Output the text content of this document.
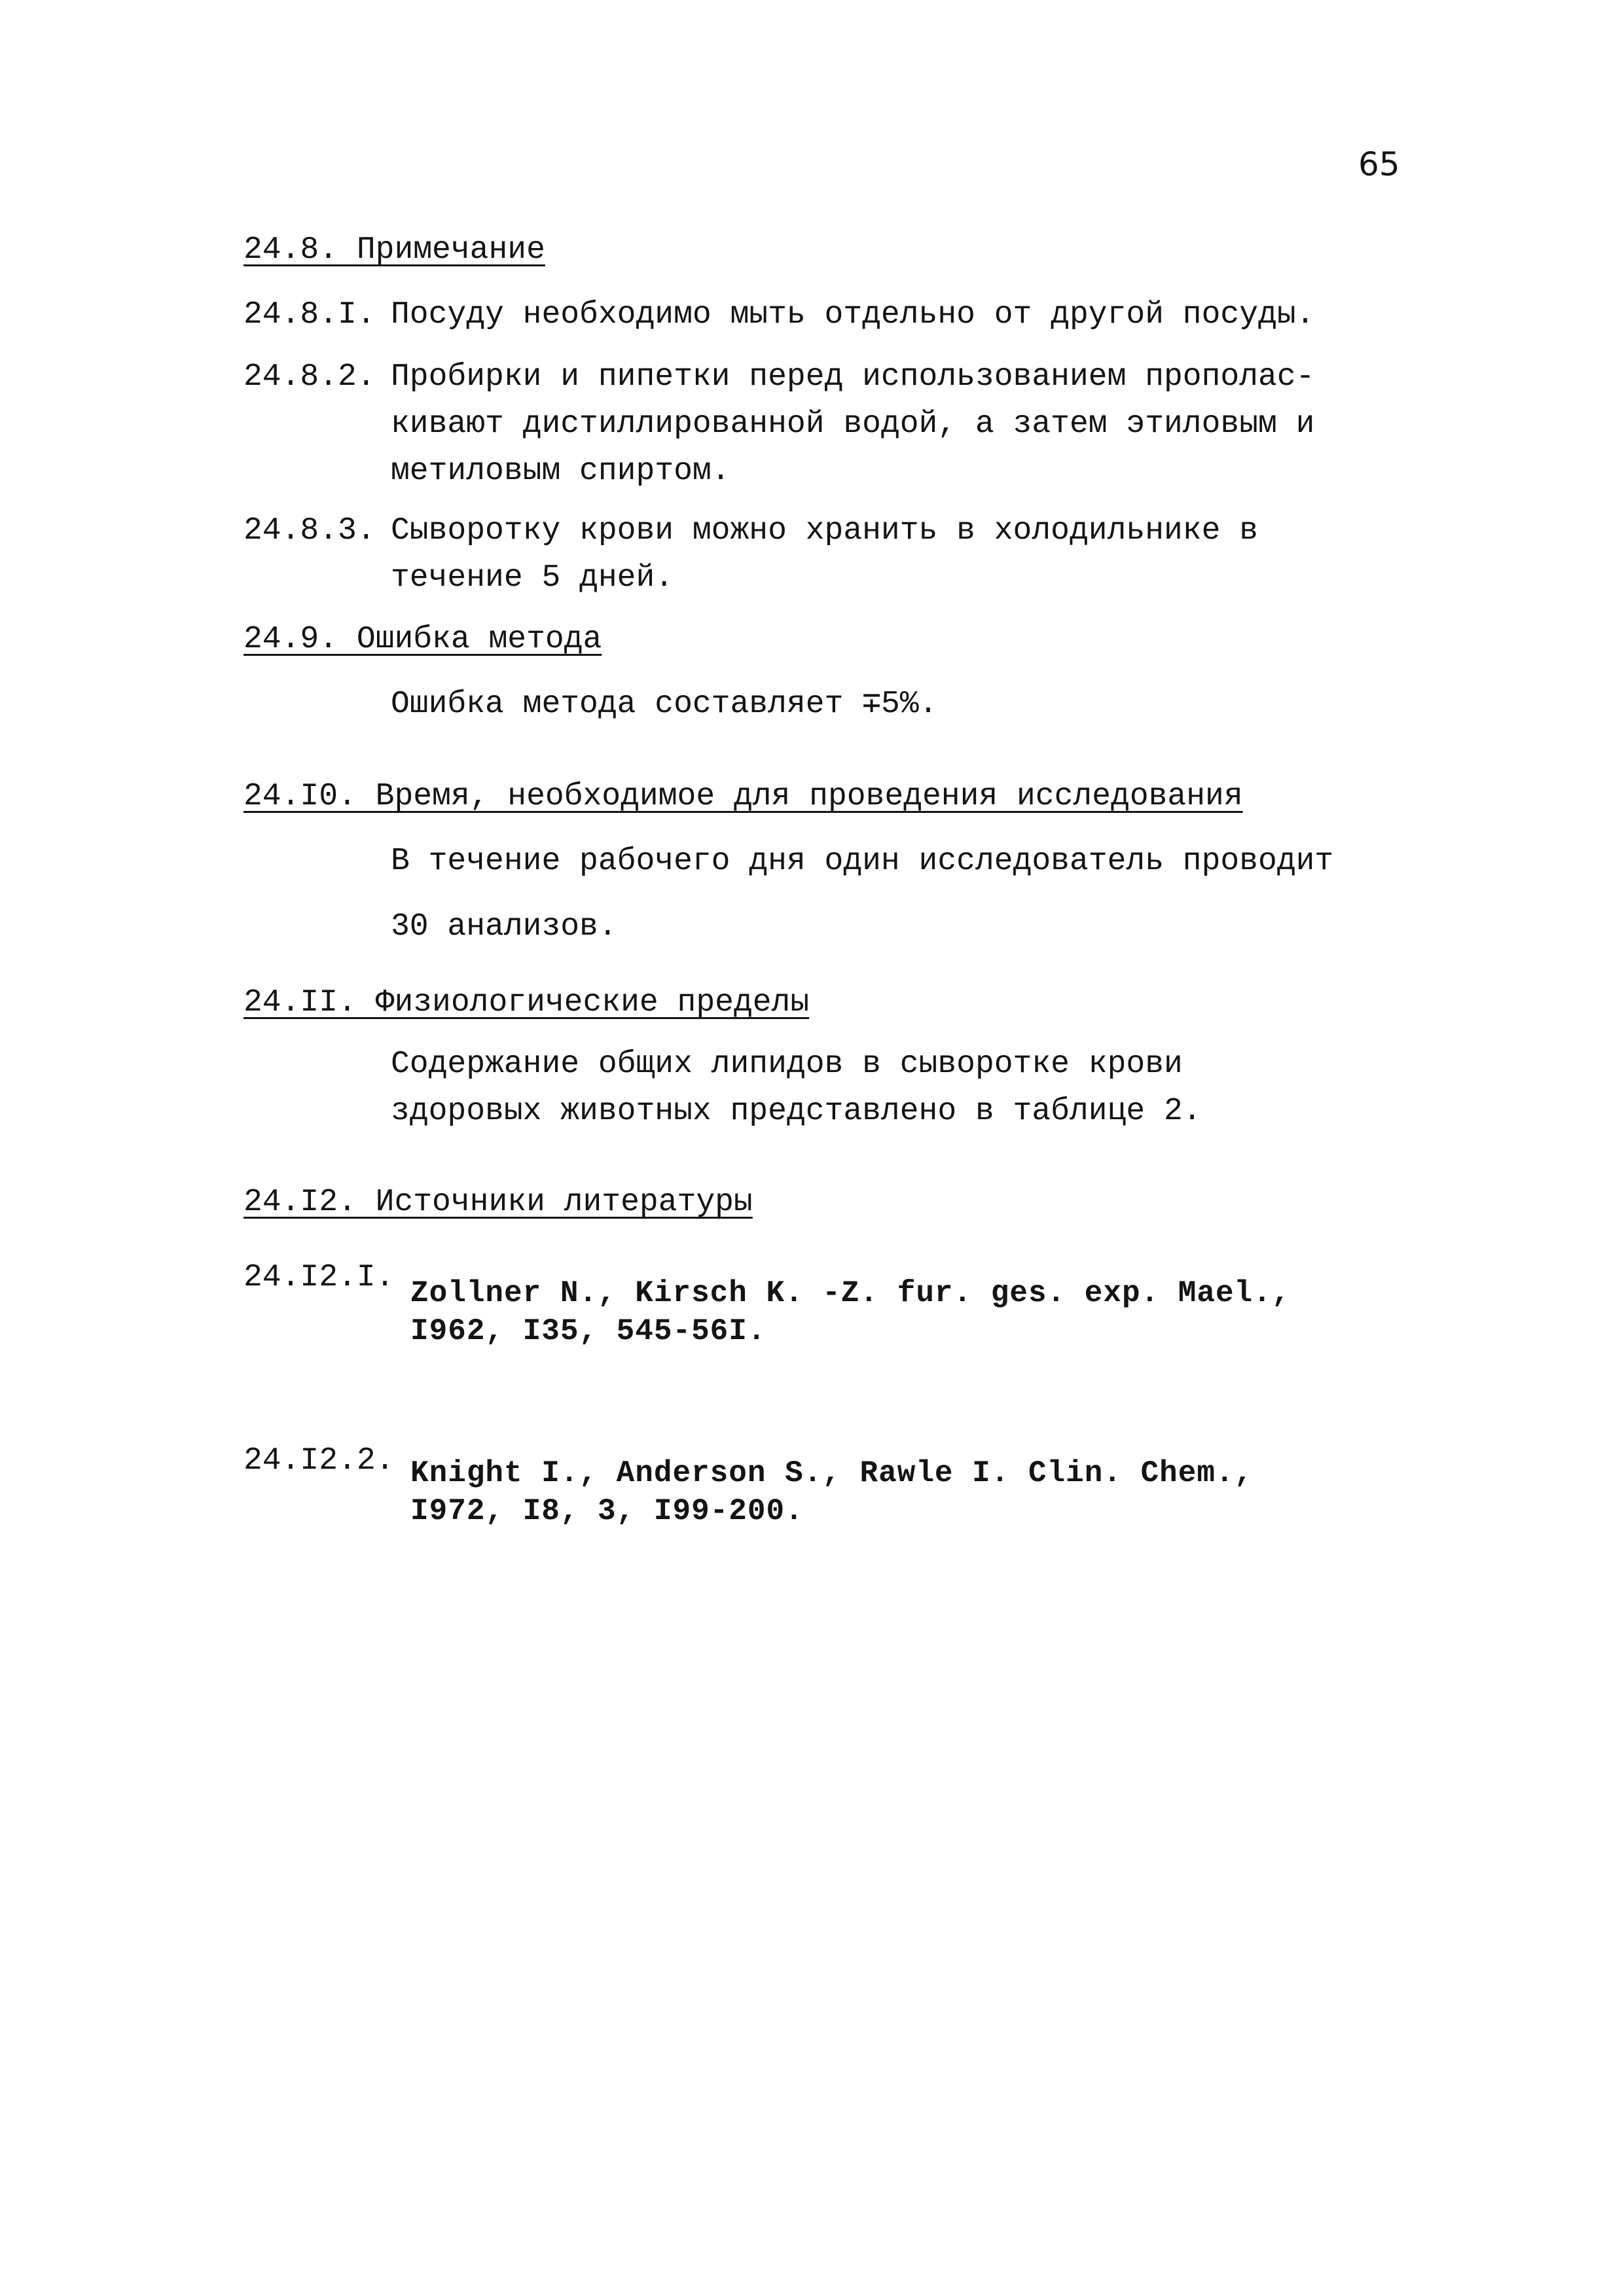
65
24.8. Примечание
24.8.I. Посуду необходимо мыть отдельно от другой посуды.
24.8.2. Пробирки и пипетки перед использованием прополас-
кивают дистиллированной водой, а затем этиловым и
метиловым спиртом.
24.8.3. Сыворотку крови можно хранить в холодильнике в
течение 5 дней.
24.9. Ошибка метода
Ошибка метода составляет ∓5%.
24.I0. Время, необходимое для проведения исследования
В течение рабочего дня один исследователь проводит
30 анализов.
24.II. Физиологические пределы
Содержание общих липидов в сыворотке крови
здоровых животных представлено в таблице 2.
24.I2. Источники литературы
24.I2.I. Zollner N., Kirsch K. -Z. fur. ges. exp. Mael.,
I962, I35, 545-56I.
24.I2.2. Knight I., Anderson S., Rawle I. Clin. Chem.,
I972, I8, 3, I99-200.
